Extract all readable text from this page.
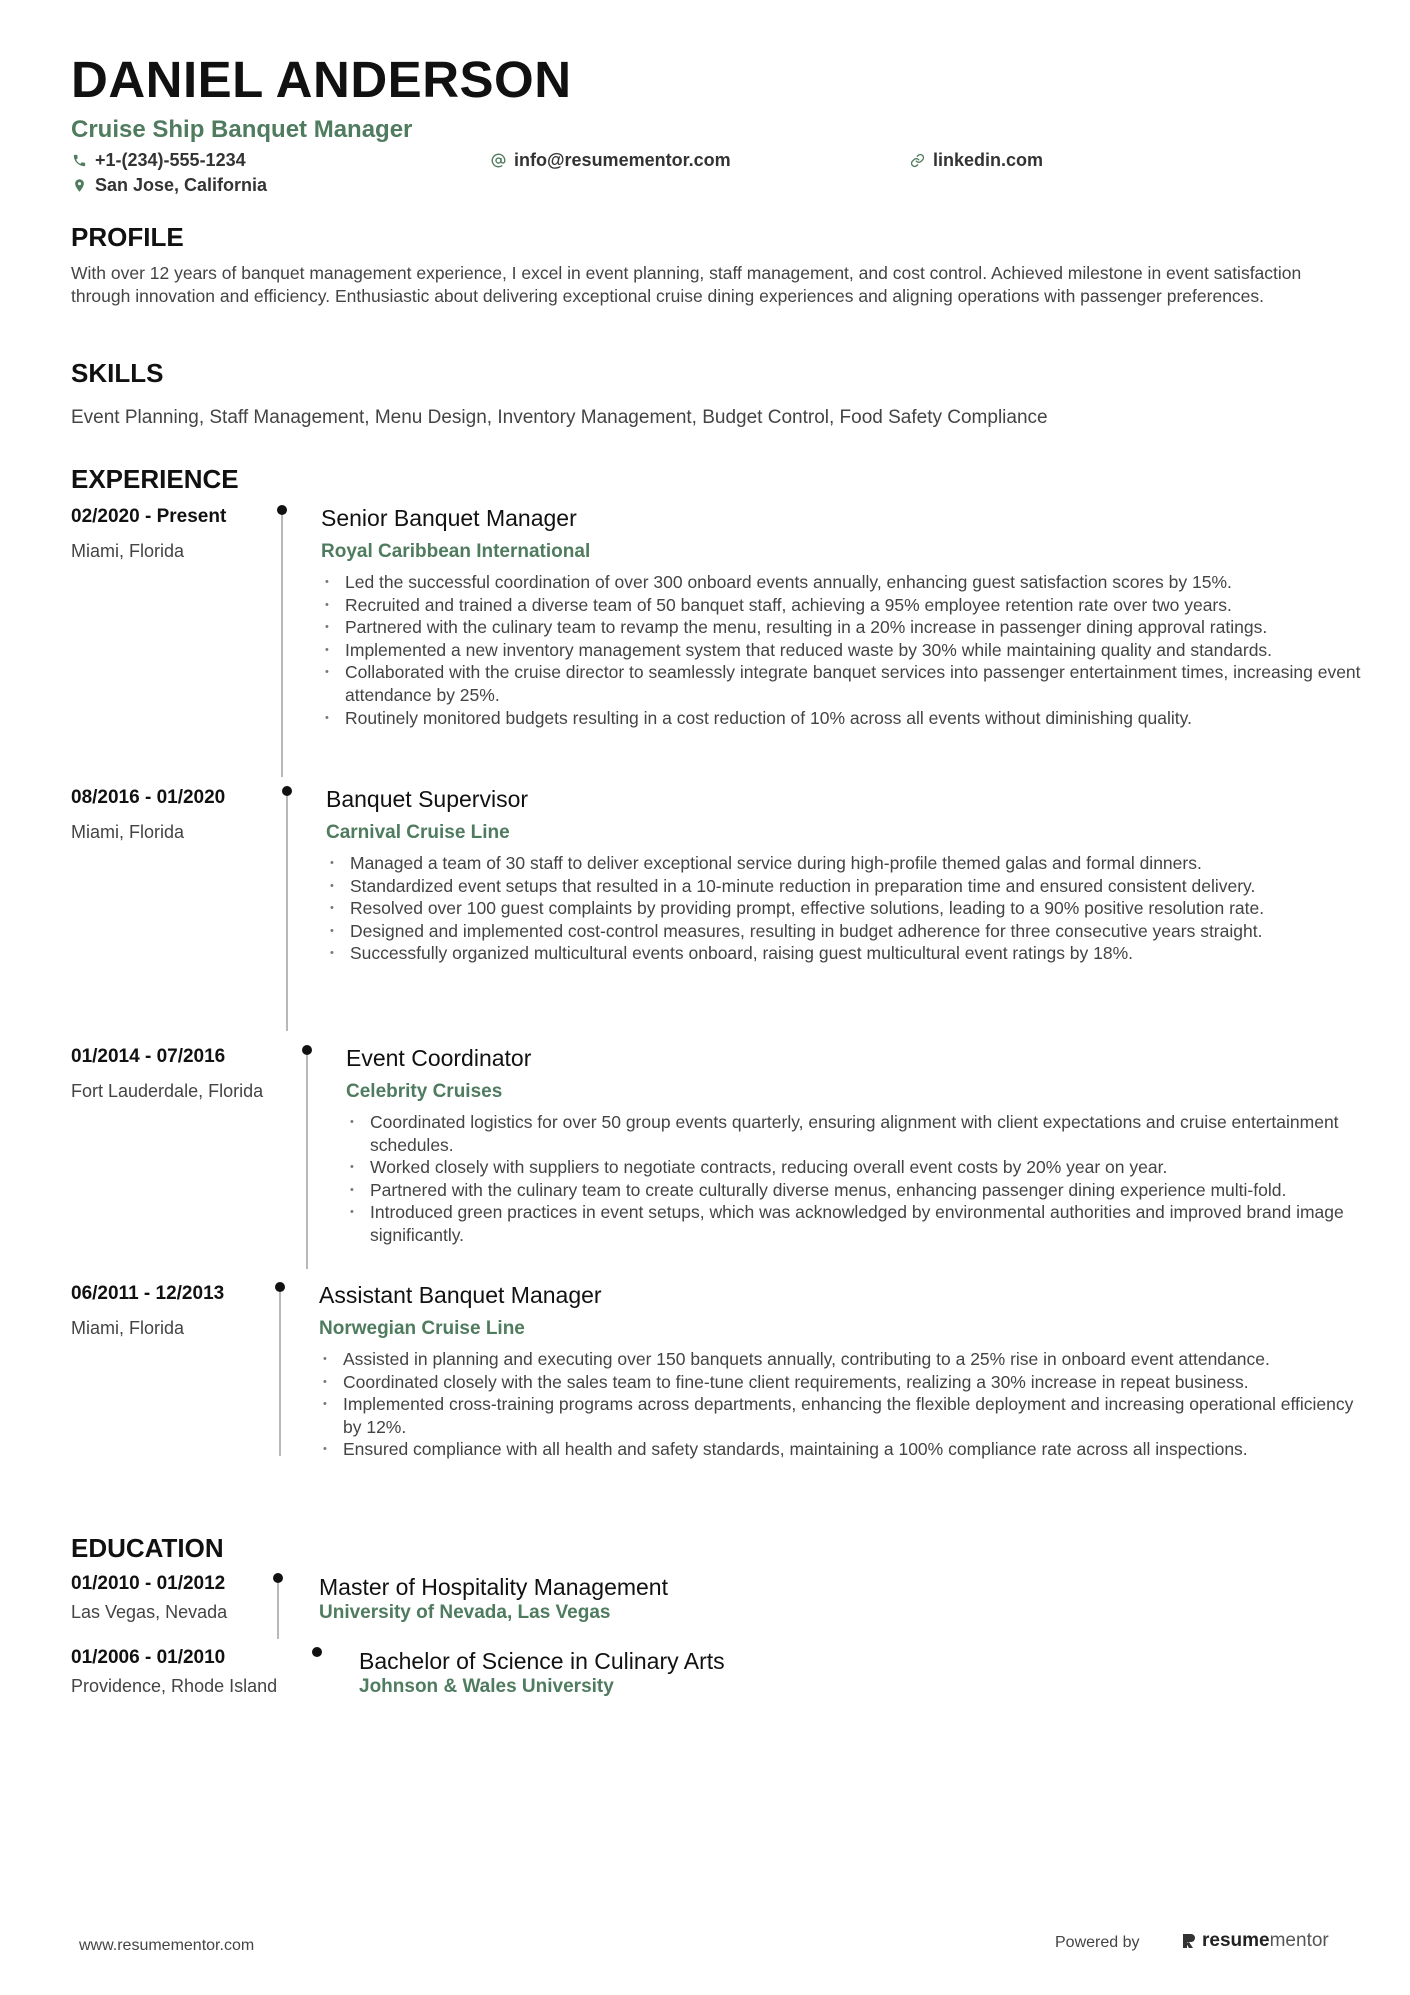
DANIEL ANDERSON
Cruise Ship Banquet Manager
+1-(234)-555-1234	info@resumementor.com	linkedin.com
San Jose, California
PROFILE
With over 12 years of banquet management experience, I excel in event planning, staff management, and cost control. Achieved milestone in event satisfaction through innovation and efficiency. Enthusiastic about delivering exceptional cruise dining experiences and aligning operations with passenger preferences.
SKILLS
Event Planning, Staff Management, Menu Design, Inventory Management, Budget Control, Food Safety Compliance
EXPERIENCE
02/2020 - Present
Miami, Florida
Senior Banquet Manager
Royal Caribbean International
• Led the successful coordination of over 300 onboard events annually, enhancing guest satisfaction scores by 15%.
• Recruited and trained a diverse team of 50 banquet staff, achieving a 95% employee retention rate over two years.
• Partnered with the culinary team to revamp the menu, resulting in a 20% increase in passenger dining approval ratings.
• Implemented a new inventory management system that reduced waste by 30% while maintaining quality and standards.
• Collaborated with the cruise director to seamlessly integrate banquet services into passenger entertainment times, increasing event attendance by 25%.
• Routinely monitored budgets resulting in a cost reduction of 10% across all events without diminishing quality.
08/2016 - 01/2020
Miami, Florida
Banquet Supervisor
Carnival Cruise Line
• Managed a team of 30 staff to deliver exceptional service during high-profile themed galas and formal dinners.
• Standardized event setups that resulted in a 10-minute reduction in preparation time and ensured consistent delivery.
• Resolved over 100 guest complaints by providing prompt, effective solutions, leading to a 90% positive resolution rate.
• Designed and implemented cost-control measures, resulting in budget adherence for three consecutive years straight.
• Successfully organized multicultural events onboard, raising guest multicultural event ratings by 18%.
01/2014 - 07/2016
Fort Lauderdale, Florida
Event Coordinator
Celebrity Cruises
• Coordinated logistics for over 50 group events quarterly, ensuring alignment with client expectations and cruise entertainment schedules.
• Worked closely with suppliers to negotiate contracts, reducing overall event costs by 20% year on year.
• Partnered with the culinary team to create culturally diverse menus, enhancing passenger dining experience multi-fold.
• Introduced green practices in event setups, which was acknowledged by environmental authorities and improved brand image significantly.
06/2011 - 12/2013
Miami, Florida
Assistant Banquet Manager
Norwegian Cruise Line
• Assisted in planning and executing over 150 banquets annually, contributing to a 25% rise in onboard event attendance.
• Coordinated closely with the sales team to fine-tune client requirements, realizing a 30% increase in repeat business.
• Implemented cross-training programs across departments, enhancing the flexible deployment and increasing operational efficiency by 12%.
• Ensured compliance with all health and safety standards, maintaining a 100% compliance rate across all inspections.
EDUCATION
01/2010 - 01/2012
Las Vegas, Nevada
Master of Hospitality Management
University of Nevada, Las Vegas
01/2006 - 01/2010
Providence, Rhode Island
Bachelor of Science in Culinary Arts
Johnson & Wales University
www.resumementor.com	Powered by	resume mentor
